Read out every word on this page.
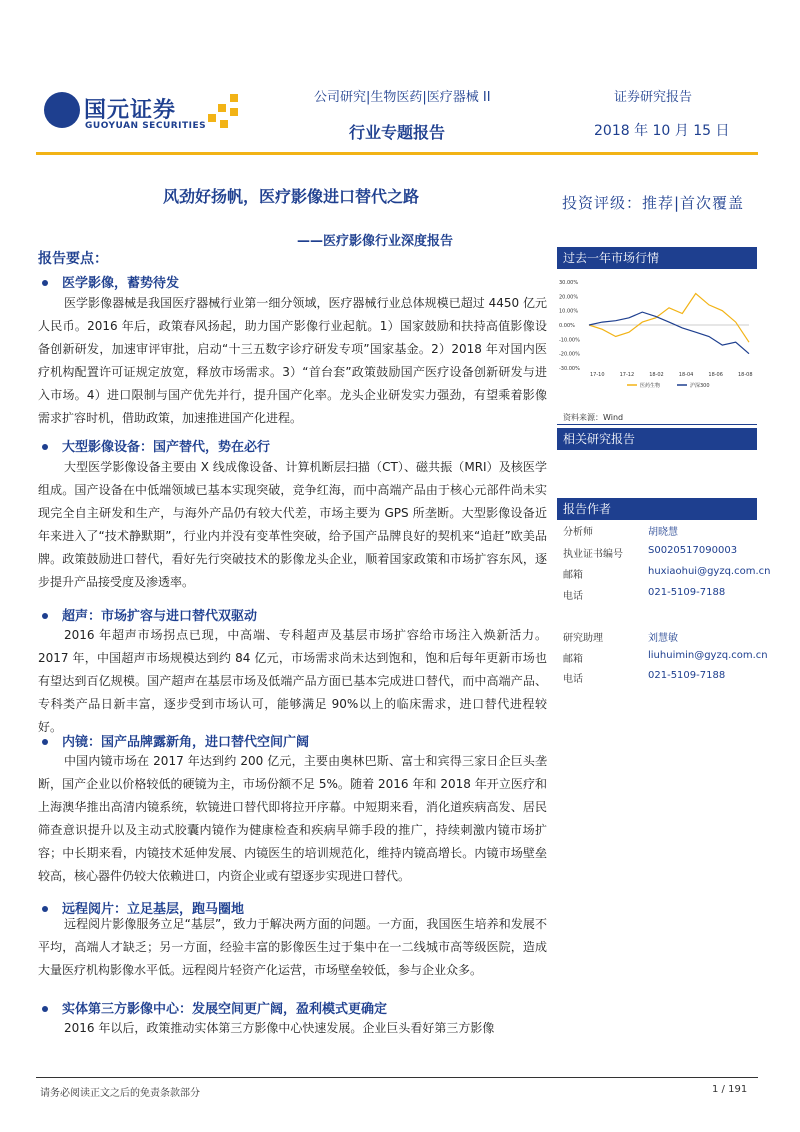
国元证券
GUOYUAN SECURITIES
公司研究|生物医药|医疗器械 II	证券研究报告
行业专题报告	2018 年 10 月 15 日
风劲好扬帆，医疗影像进口替代之路
——医疗影像行业深度报告
投资评级：推荐|首次覆盖
报告要点：
医学影像，蓄势待发
医学影像器械是我国医疗器械行业第一细分领域，医疗器械行业总体规模已超过 4450 亿元人民币。2016 年后，政策春风扬起，助力国产影像行业起航。1）国家鼓励和扶持高值影像设备创新研发，加速审评审批，启动“十三五数字诊疗研发专项”国家基金。2）2018 年对国内医疗机构配置许可证规定放宽，释放市场需求。3）“首台套”政策鼓励国产医疗设备创新研发与进入市场。4）进口限制与国产优先并行，提升国产化率。龙头企业研发实力强劲，有望乘着影像需求扩容时机，借助政策，加速推进国产化进程。
大型影像设备：国产替代，势在必行
大型医学影像设备主要由 X 线成像设备、计算机断层扫描（CT）、磁共振（MRI）及核医学组成。国产设备在中低端领域已基本实现突破，竞争红海，而中高端产品由于核心元部件尚未实现完全自主研发和生产，与海外产品仍有较大代差，市场主要为 GPS 所垄断。大型影像设备近年来进入了“技术静默期”，行业内并没有变革性突破，给予国产品牌良好的契机来“追赶”欧美品牌。政策鼓励进口替代，看好先行突破技术的影像龙头企业，顺着国家政策和市场扩容东风，逐步提升产品接受度及渗透率。
超声：市场扩容与进口替代双驱动
2016 年超声市场拐点已现，中高端、专科超声及基层市场扩容给市场注入焕新活力。2017 年，中国超声市场规模达到约 84 亿元，市场需求尚未达到饱和，饱和后每年更新市场也有望达到百亿规模。国产超声在基层市场及低端产品方面已基本完成进口替代，而中高端产品、专科类产品日新丰富，逐步受到市场认可，能够满足 90%以上的临床需求，进口替代进程较好。
内镜：国产品牌露新角，进口替代空间广阔
中国内镜市场在 2017 年达到约 200 亿元，主要由奥林巴斯、富士和宾得三家日企巨头垄断，国产企业以价格较低的硬镜为主，市场份额不足 5%。随着 2016 年和 2018 年开立医疗和上海澳华推出高清内镜系统，软镜进口替代即将拉开序幕。中短期来看，消化道疾病高发、居民筛查意识提升以及主动式胶囊内镜作为健康检查和疾病早筛手段的推广，持续刺激内镜市场扩容；中长期来看，内镜技术延伸发展、内镜医生的培训规范化，维持内镜高增长。内镜市场壁垒较高，核心器件仍较大依赖进口，内资企业或有望逐步实现进口替代。
远程阅片：立足基层，跑马圈地
远程阅片影像服务立足“基层”，致力于解决两方面的问题。一方面，我国医生培养和发展不平均，高端人才缺乏；另一方面，经验丰富的影像医生过于集中在一二线城市高等级医院，造成大量医疗机构影像水平低。远程阅片轻资产化运营，市场壁垒较低，参与企业众多。
实体第三方影像中心：发展空间更广阔，盈利模式更确定
2016 年以后，政策推动实体第三方影像中心快速发展。企业巨头看好第三方影像
过去一年市场行情
30.00%
20.00%
10.00%
0.00%
-10.00%
-20.00%
-30.00%
17-10	17-12	18-02	18-04	18-06	18-08
医药生物	沪深300
资料来源：Wind
相关研究报告
报告作者
分析师	胡晓慧
执业证书编号	S0020517090003
邮箱	huxiaohui@gyzq.com.cn
电话	021-5109-7188
研究助理	刘慧敏
邮箱	liuhuimin@gyzq.com.cn
电话	021-5109-7188
请务必阅读正文之后的免责条款部分	1 / 191
